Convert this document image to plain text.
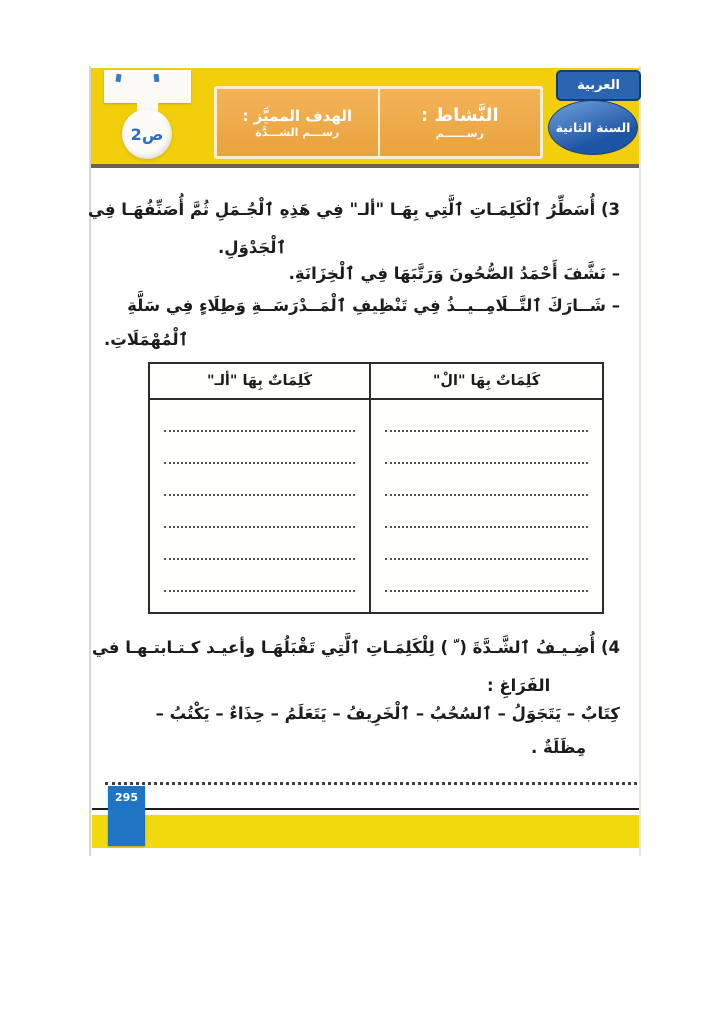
ص2
النَّشاط :
رســــــم
الهدف المميَّز :
رســـم الشـــدَّة
العربية
السنة الثانية
3) أُسَطِّرُ ٱلْكَلِمَـاتِ ٱلَّتِي بِهَـا "ألـ" فِي هَذِهِ ٱلْجُـمَلِ ثُمَّ أُصَنِّفُهَـا فِي
ٱلْجَدْوَلِ.
– نَشَّفَ أَحْمَدُ الصُّحُونَ وَرَتَّبَهَا فِي ٱلْخِزَانَةِ.
– شَــارَكَ ٱلتَّــلَامِــيــذُ فِي تَنْظِيفِ ٱلْمَــدْرَسَــةِ وَطِلَاءٍ فِي سَلَّةِ
ٱلْمُهْمَلَاتِ.
كَلِمَاتٌ بِهَا "الْ"
كَلِمَاتٌ بِهَا "ألـ"
4) أُضِـيـفُ ٱلشَّـدَّةَ ( ّ ) لِلْكَلِمَـاتِ ٱلَّتِي تَقْبَلُهَـا وأعيـد كـتـابتـهـا في
الفَرَاغِ :
كِتَابٌ – يَتَجَوَلُ – ٱلسُحُبُ – ٱلْخَرِيفُ – يَتَعَلَمُ – حِذَاءٌ – يَكْتُبُ –
مِظَلَةٌ .
295
